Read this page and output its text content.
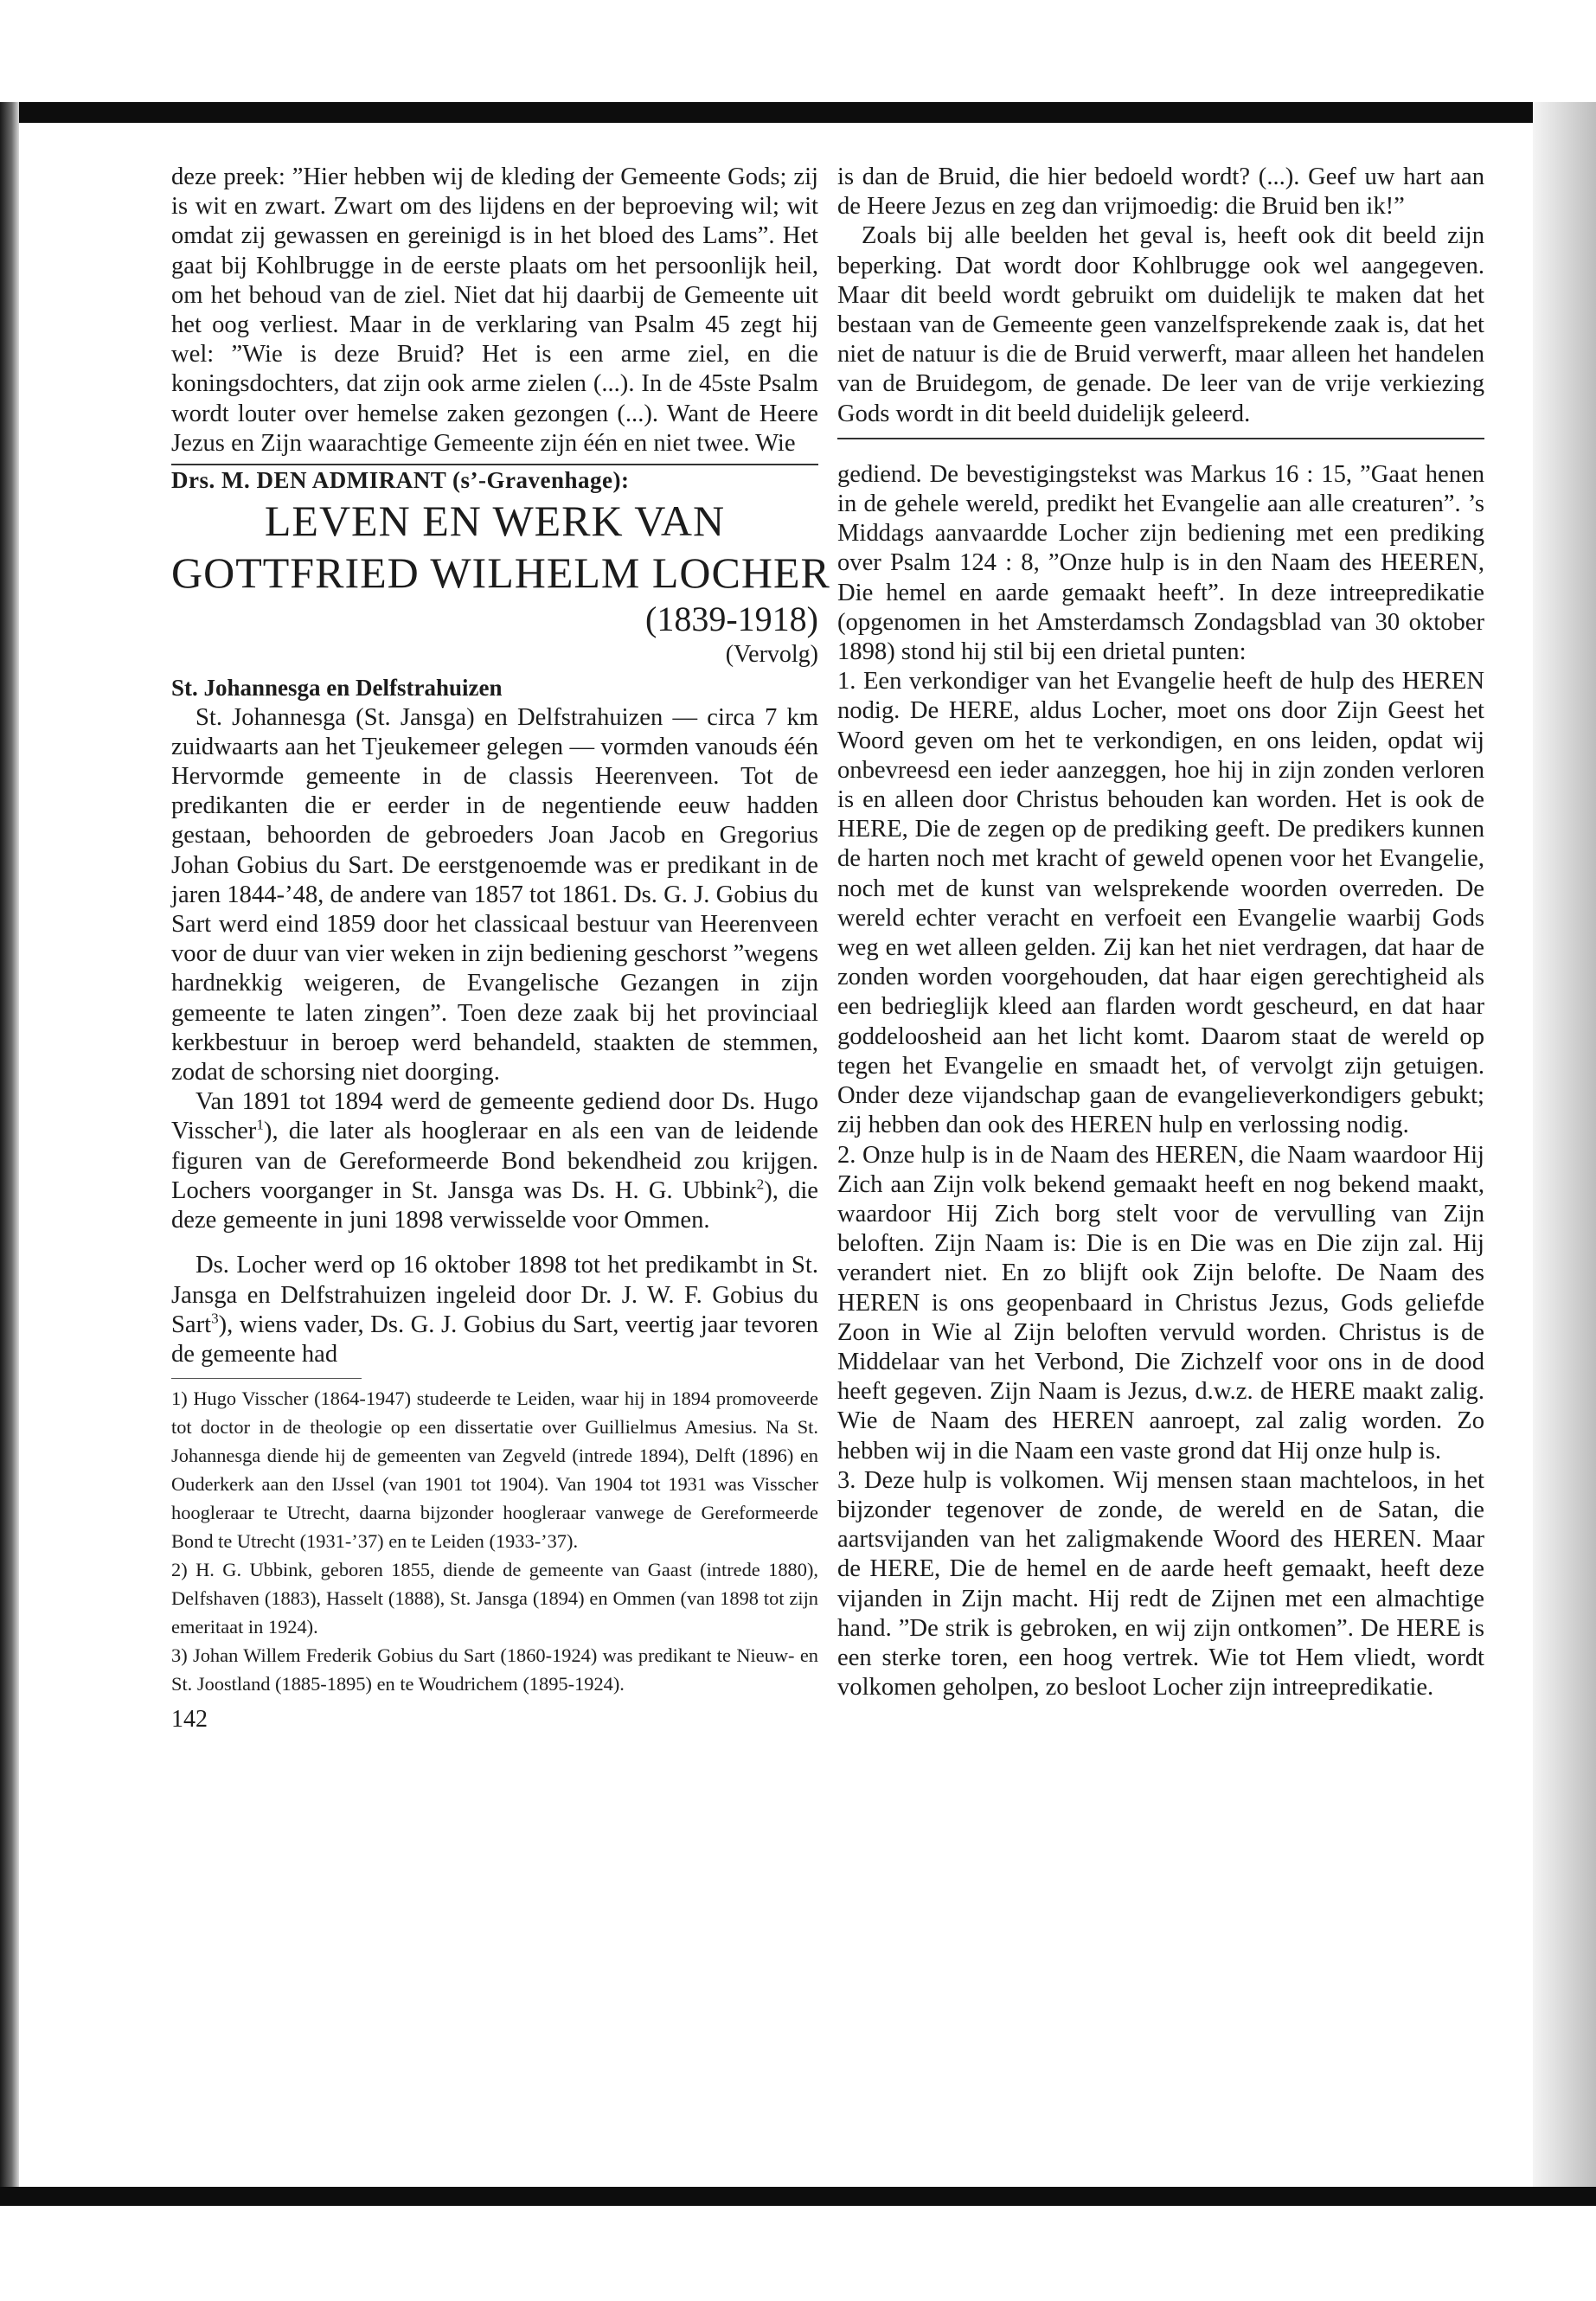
deze preek: ”Hier hebben wij de kleding der Gemeente Gods; zij is wit en zwart. Zwart om des lijdens en der beproeving wil; wit omdat zij gewassen en gereinigd is in het bloed des Lams”. Het gaat bij Kohlbrugge in de eerste plaats om het persoonlijk heil, om het behoud van de ziel. Niet dat hij daarbij de Gemeente uit het oog verliest. Maar in de verklaring van Psalm 45 zegt hij wel: ”Wie is deze Bruid? Het is een arme ziel, en die koningsdochters, dat zijn ook arme zielen (...). In de 45ste Psalm wordt louter over hemelse zaken gezongen (...). Want de Heere Jezus en Zijn waarachtige Gemeente zijn één en niet twee. Wie

Drs. M. DEN ADMIRANT (s’-Gravenhage):

LEVEN EN WERK VAN

GOTTFRIED WILHELM LOCHER

(1839-1918)

(Vervolg)

St. Johannesga en Delfstrahuizen

St. Johannesga (St. Jansga) en Delfstrahuizen — circa 7 km zuidwaarts aan het Tjeukemeer gelegen — vormden vanouds één Hervormde gemeente in de classis Heerenveen. Tot de predikanten die er eerder in de negentiende eeuw hadden gestaan, behoorden de gebroeders Joan Jacob en Gregorius Johan Gobius du Sart. De eerstgenoemde was er predikant in de jaren 1844-’48, de andere van 1857 tot 1861. Ds. G. J. Gobius du Sart werd eind 1859 door het classicaal bestuur van Heerenveen voor de duur van vier weken in zijn bediening geschorst ”wegens hardnekkig weigeren, de Evangelische Gezangen in zijn gemeente te laten zingen”. Toen deze zaak bij het provinciaal kerkbestuur in beroep werd behandeld, staakten de stemmen, zodat de schorsing niet doorging.

Van 1891 tot 1894 werd de gemeente gediend door Ds. Hugo Visscher$^1$), die later als hoogleraar en als een van de leidende figuren van de Gereformeerde Bond bekendheid zou krijgen. Lochers voorganger in St. Jansga was Ds. H. G. Ubbink$^2$), die deze gemeente in juni 1898 verwisselde voor Ommen.

Ds. Locher werd op 16 oktober 1898 tot het predikambt in St. Jansga en Delfstrahuizen ingeleid door Dr. J. W. F. Gobius du Sart$^3$), wiens vader, Ds. G. J. Gobius du Sart, veertig jaar tevoren de gemeente had

1) Hugo Visscher (1864-1947) studeerde te Leiden, waar hij in 1894 promoveerde tot doctor in de theologie op een dissertatie over Guillielmus Amesius. Na St. Johannesga diende hij de gemeenten van Zegveld (intrede 1894), Delft (1896) en Ouderkerk aan den IJssel (van 1901 tot 1904). Van 1904 tot 1931 was Visscher hoogleraar te Utrecht, daarna bijzonder hoogleraar vanwege de Gereformeerde Bond te Utrecht (1931-’37) en te Leiden (1933-’37).

2) H. G. Ubbink, geboren 1855, diende de gemeente van Gaast (intrede 1880), Delfshaven (1883), Hasselt (1888), St. Jansga (1894) en Ommen (van 1898 tot zijn emeritaat in 1924).

3) Johan Willem Frederik Gobius du Sart (1860-1924) was predikant te Nieuw- en St. Joostland (1885-1895) en te Woudrichem (1895-1924).

142

is dan de Bruid, die hier bedoeld wordt? (...). Geef uw hart aan de Heere Jezus en zeg dan vrijmoedig: die Bruid ben ik!”

Zoals bij alle beelden het geval is, heeft ook dit beeld zijn beperking. Dat wordt door Kohlbrugge ook wel aangegeven. Maar dit beeld wordt gebruikt om duidelijk te maken dat het bestaan van de Gemeente geen vanzelfsprekende zaak is, dat het niet de natuur is die de Bruid verwerft, maar alleen het handelen van de Bruidegom, de genade. De leer van de vrije verkiezing Gods wordt in dit beeld duidelijk geleerd.

gediend. De bevestigingstekst was Markus 16 : 15, ”Gaat henen in de gehele wereld, predikt het Evangelie aan alle creaturen”. ’s Middags aanvaardde Locher zijn bediening met een prediking over Psalm 124 : 8, ”Onze hulp is in den Naam des HEEREN, Die hemel en aarde gemaakt heeft”. In deze intreepredikatie (opgenomen in het Amsterdamsch Zondagsblad van 30 oktober 1898) stond hij stil bij een drietal punten:

1. Een verkondiger van het Evangelie heeft de hulp des HEREN nodig. De HERE, aldus Locher, moet ons door Zijn Geest het Woord geven om het te verkondigen, en ons leiden, opdat wij onbevreesd een ieder aanzeggen, hoe hij in zijn zonden verloren is en alleen door Christus behouden kan worden. Het is ook de HERE, Die de zegen op de prediking geeft. De predikers kunnen de harten noch met kracht of geweld openen voor het Evangelie, noch met de kunst van welsprekende woorden overreden. De wereld echter veracht en verfoeit een Evangelie waarbij Gods weg en wet alleen gelden. Zij kan het niet verdragen, dat haar de zonden worden voorgehouden, dat haar eigen gerechtigheid als een bedrieglijk kleed aan flarden wordt gescheurd, en dat haar goddeloosheid aan het licht komt. Daarom staat de wereld op tegen het Evangelie en smaadt het, of vervolgt zijn getuigen. Onder deze vijandschap gaan de evangelieverkondigers gebukt; zij hebben dan ook des HEREN hulp en verlossing nodig.

2. Onze hulp is in de Naam des HEREN, die Naam waardoor Hij Zich aan Zijn volk bekend gemaakt heeft en nog bekend maakt, waardoor Hij Zich borg stelt voor de vervulling van Zijn beloften. Zijn Naam is: Die is en Die was en Die zijn zal. Hij verandert niet. En zo blijft ook Zijn belofte. De Naam des HEREN is ons geopenbaard in Christus Jezus, Gods geliefde Zoon in Wie al Zijn beloften vervuld worden. Christus is de Middelaar van het Verbond, Die Zichzelf voor ons in de dood heeft gegeven. Zijn Naam is Jezus, d.w.z. de HERE maakt zalig. Wie de Naam des HEREN aanroept, zal zalig worden. Zo hebben wij in die Naam een vaste grond dat Hij onze hulp is.

3. Deze hulp is volkomen. Wij mensen staan machteloos, in het bijzonder tegenover de zonde, de wereld en de Satan, die aartsvijanden van het zaligmakende Woord des HEREN. Maar de HERE, Die de hemel en de aarde heeft gemaakt, heeft deze vijanden in Zijn macht. Hij redt de Zijnen met een almachtige hand. ”De strik is gebroken, en wij zijn ontkomen”. De HERE is een sterke toren, een hoog vertrek. Wie tot Hem vliedt, wordt volkomen geholpen, zo besloot Locher zijn intreepredikatie.
